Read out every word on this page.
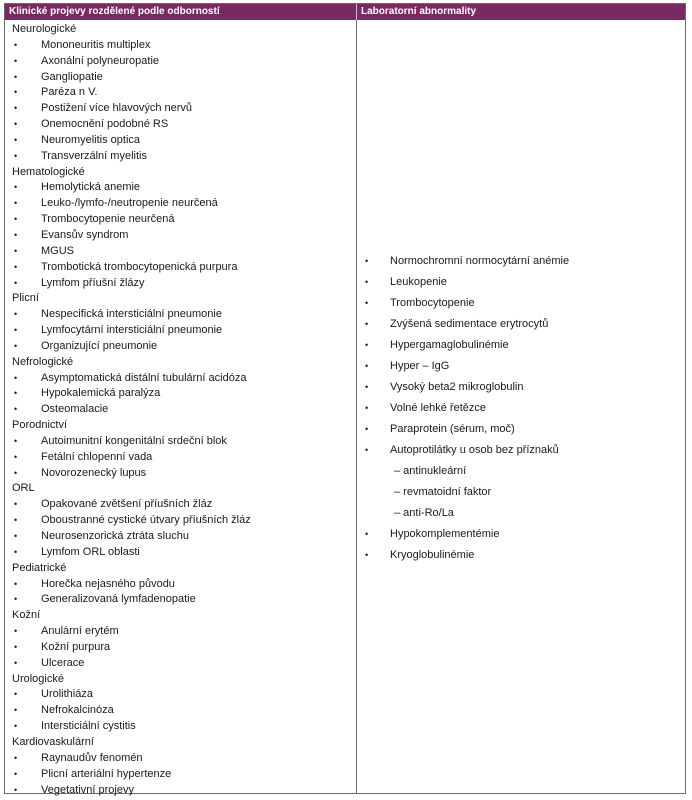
Klinické projevy rozdělené podle odborností	Laboratorní abnormality
Neurologické
• Mononeuritis multiplex
• Axonální polyneuropatie
• Gangliopatie
• Paréza n V.
• Postižení více hlavových nervů
• Onemocnění podobné RS
• Neuromyelitis optica
• Transverzální myelitis
Hematologické
• Hemolytická anemie
• Leuko-/lymfo-/neutropenie neurčená
• Trombocytopenie neurčená
• Evansův syndrom
• MGUS
• Trombotická trombocytopenická purpura
• Lymfom příušní žlázy
Plicní
• Nespecifická intersticiální pneumonie
• Lymfocytární intersticiální pneumonie
• Organizující pneumonie
Nefrologické
• Asymptomatická distální tubulární acidóza
• Hypokalemická paralýza
• Osteomalacie
Porodnictví
• Autoimunitní kongenitální srdeční blok
• Fetální chlopenní vada
• Novorozenecký lupus
ORL
• Opakované zvětšení příušních žláz
• Oboustranné cystické útvary příušních žláz
• Neurosenzorická ztráta sluchu
• Lymfom ORL oblasti
Pediatrické
• Horečka nejasného původu
• Generalizovaná lymfadenopatie
Kožní
• Anulární erytém
• Kožní purpura
• Ulcerace
Urologické
• Urolithiáza
• Nefrokalcinóza
• Intersticiální cystitis
Kardiovaskulární
• Raynaudův fenomén
• Plicní arteriální hypertenze
• Vegetativní projevy
• Normochromní normocytární anémie
• Leukopenie
• Trombocytopenie
• Zvýšená sedimentace erytrocytů
• Hypergamaglobulinémie
• Hyper – IgG
• Vysoký beta2 mikroglobulin
• Volné lehké řetězce
• Paraprotein (sérum, moč)
• Autoprotilátky u osob bez příznaků
– antinukleární
– revmatoidní faktor
– anti-Ro/La
• Hypokomplementémie
• Kryoglobulinémie
